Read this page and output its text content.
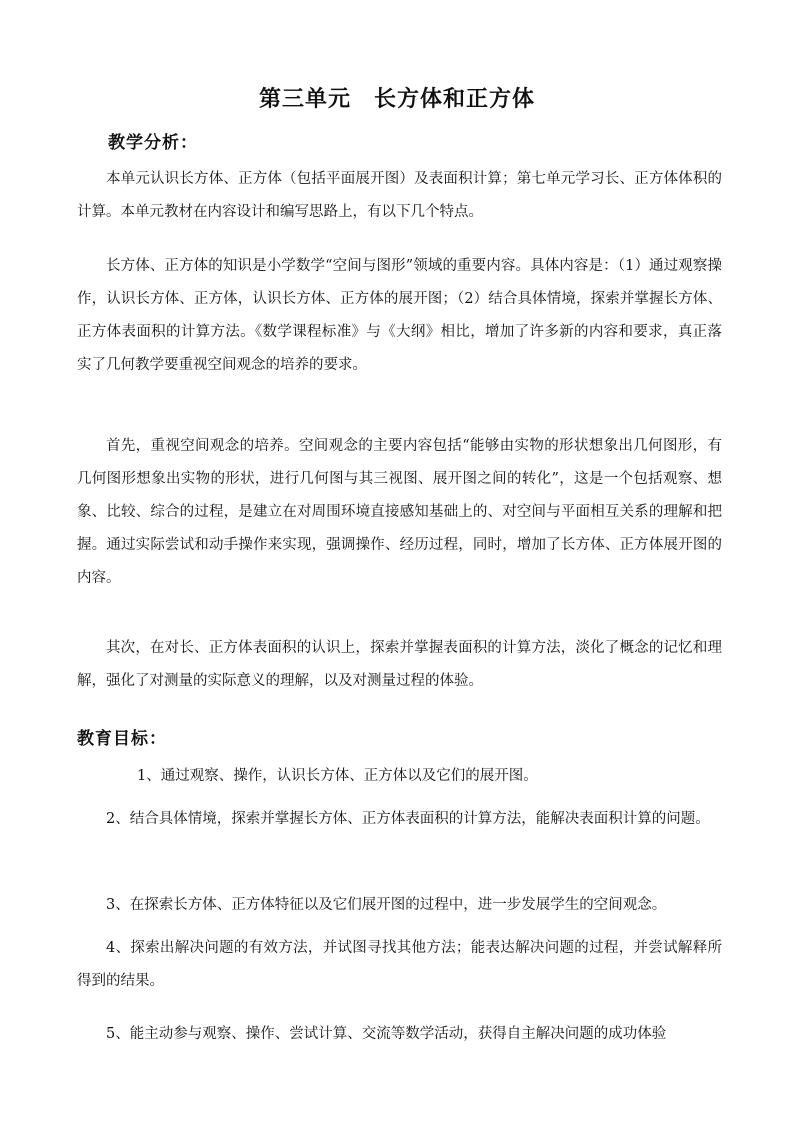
第三单元　长方体和正方体
教学分析：

本单元认识长方体、正方体（包括平面展开图）及表面积计算；第七单元学习长、正方体体积的计算。本单元教材在内容设计和编写思路上，有以下几个特点。

长方体、正方体的知识是小学数学“空间与图形”领域的重要内容。具体内容是：（1）通过观察操作，认识长方体、正方体，认识长方体、正方体的展开图；（2）结合具体情境，探索并掌握长方体、正方体表面积的计算方法。《数学课程标准》与《大纲》相比，增加了许多新的内容和要求，真正落实了几何教学要重视空间观念的培养的要求。

首先，重视空间观念的培养。空间观念的主要内容包括“能够由实物的形状想象出几何图形，有几何图形想象出实物的形状，进行几何图与其三视图、展开图之间的转化”，这是一个包括观察、想象、比较、综合的过程，是建立在对周围环境直接感知基础上的、对空间与平面相互关系的理解和把握。通过实际尝试和动手操作来实现，强调操作、经历过程，同时，增加了长方体、正方体展开图的内容。

其次，在对长、正方体表面积的认识上，探索并掌握表面积的计算方法，淡化了概念的记忆和理解，强化了对测量的实际意义的理解，以及对测量过程的体验。

教育目标：
1、通过观察、操作，认识长方体、正方体以及它们的展开图。

2、结合具体情境，探索并掌握长方体、正方体表面积的计算方法，能解决表面积计算的问题。

3、在探索长方体、正方体特征以及它们展开图的过程中，进一步发展学生的空间观念。

4、探索出解决问题的有效方法，并试图寻找其他方法；能表达解决问题的过程，并尝试解释所得到的结果。

5、能主动参与观察、操作、尝试计算、交流等数学活动，获得自主解决问题的成功体验
